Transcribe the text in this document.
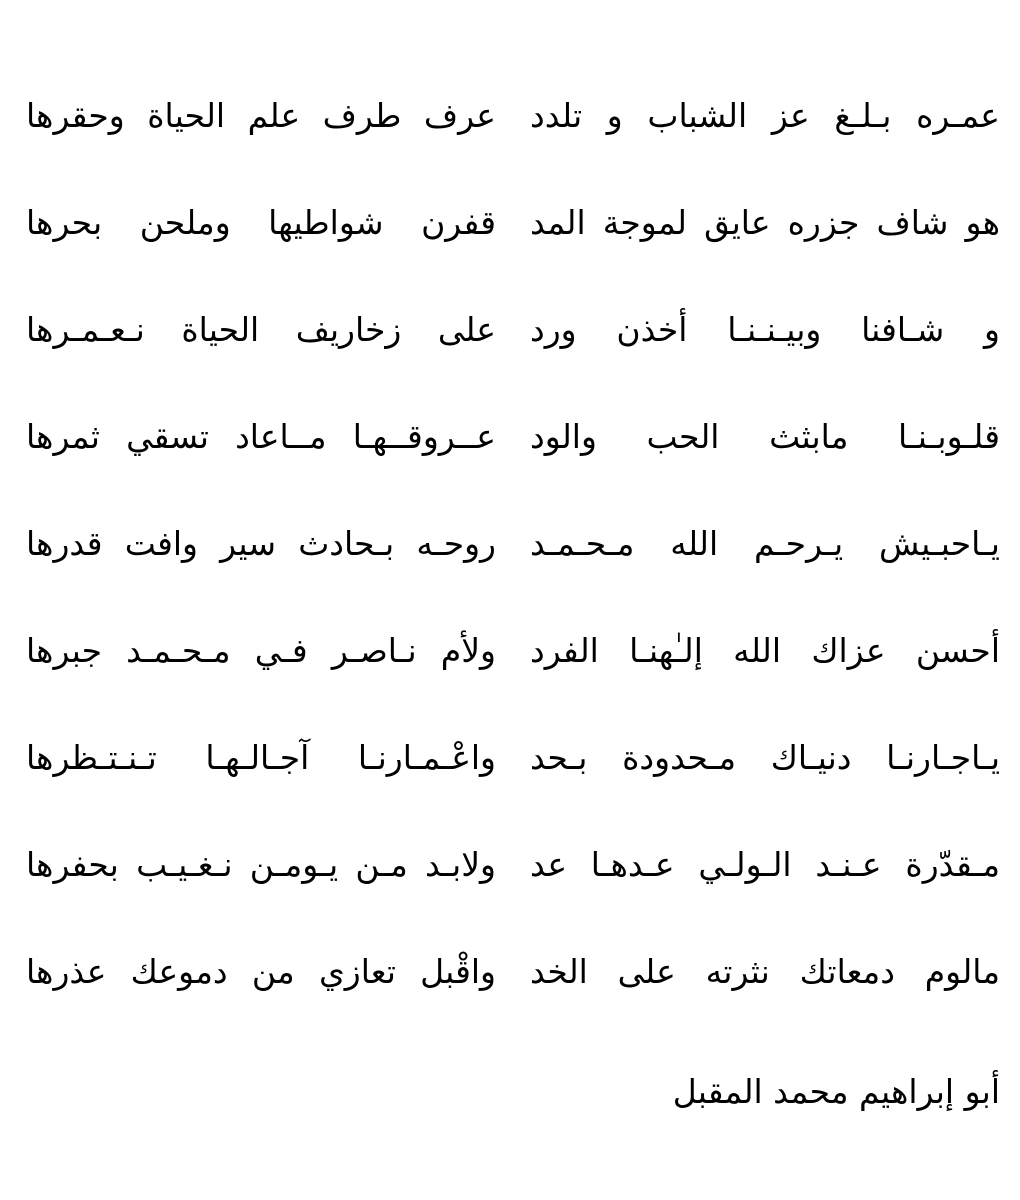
عمـره بـلـغ عز الشباب و تلدد
عرف طرف علم الحياة وحقرها
هو شاف جزره عايق لموجة المد
قفرن شواطيها وملحن بحرها
و شـافنا وبيـنـنـا أخذن ورد
على زخاريف الحياة نـعـمـرها
قلـوبـنـا مابثث الحب والود
عــروقــهـا مــاعاد تسقي ثمرها
يـاحبـيش يـرحـم الله مـحـمـد
روحـه بـحادث سير وافت قدرها
أحسن عزاك الله إلـٰهنـا الفرد
ولأم نـاصـر فـي مـحـمـد جبرها
يـاجـارنـا دنيـاك مـحدودة بـحد
واعْـمـارنـا آجـالـهـا تـنـتـظرها
مـقدّرة عـنـد الـولـي عـدهـا عد
ولابـد مـن يـومـن نـغـيـب بحفرها
مالوم دمعاتك نثرته على الخد
واقْبل تعازي من دموعك عذرها
أبو إبراهيم محمد المقبل
